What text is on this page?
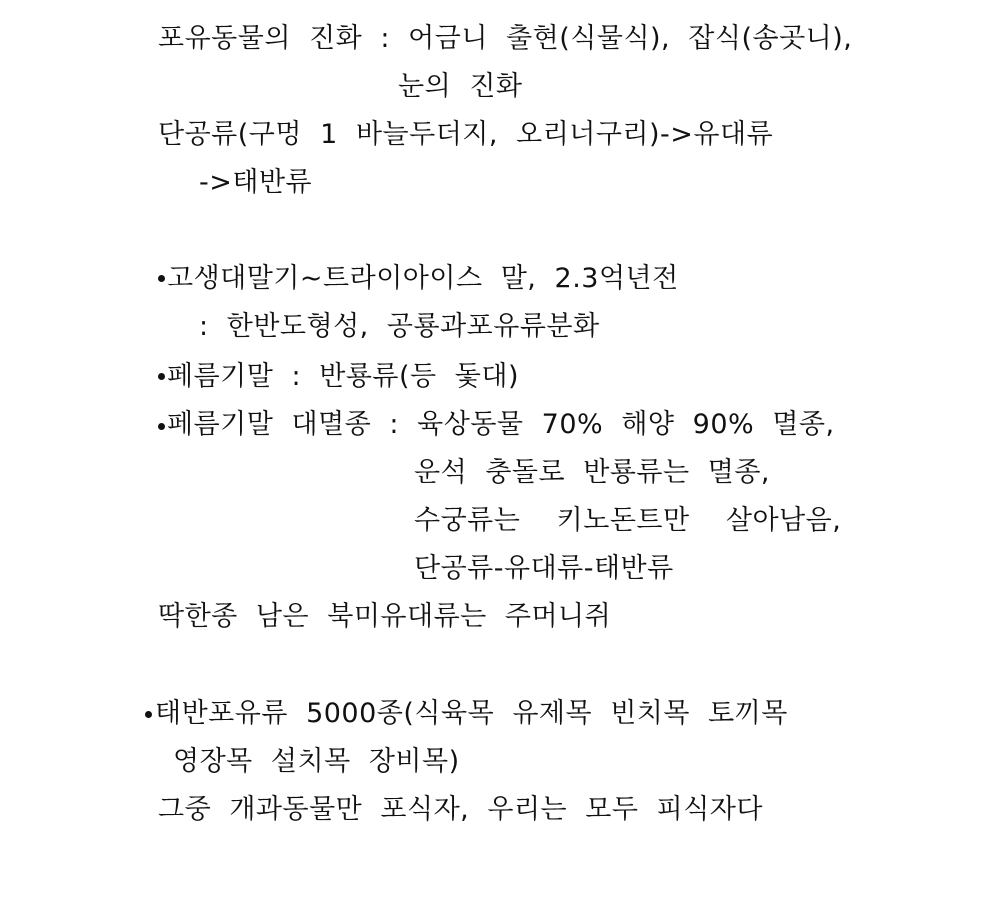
포유동물의  진화  :  어금니  출현(식물식),  잡식(송곳니),
눈의  진화
단공류(구멍  1  바늘두더지,  오리너구리)->유대류
->태반류
고생대말기~트라이아이스  말,  2.3억년전
:  한반도형성,  공룡과포유류분화
페름기말  :  반룡류(등  돛대)
페름기말  대멸종  :  육상동물  70%  해양  90%  멸종,
운석  충돌로  반룡류는  멸종,
수궁류는    키노돈트만    살아남음,
단공류-유대류-태반류
딱한종  남은  북미유대류는  주머니쥐
태반포유류  5000종(식육목  유제목  빈치목  토끼목
영장목  설치목  장비목)
그중  개과동물만  포식자,  우리는  모두  피식자다
